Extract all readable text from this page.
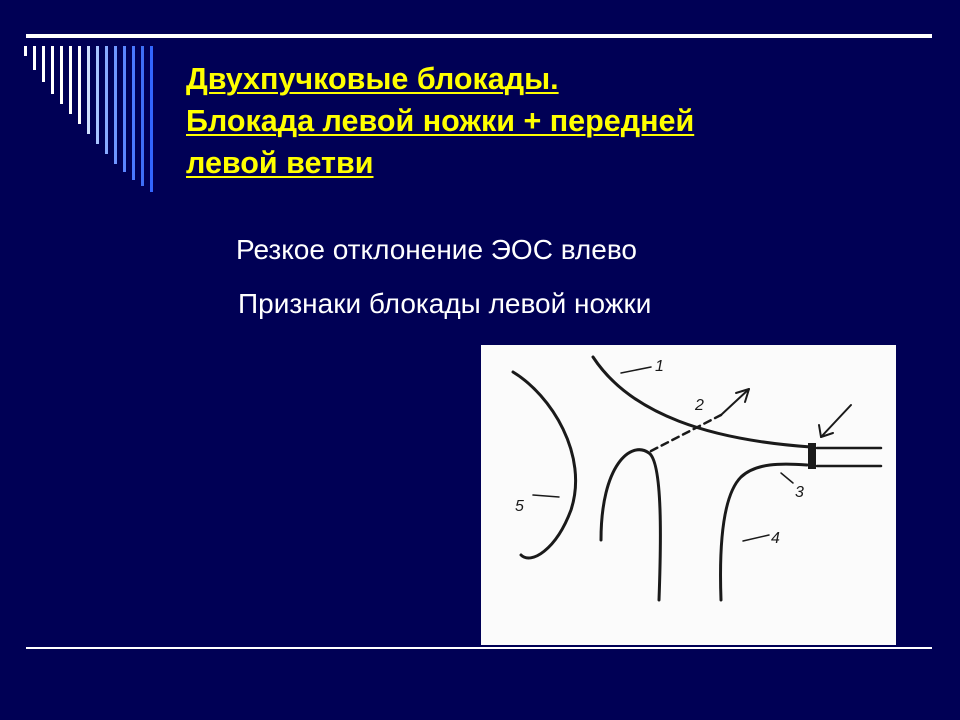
Двухпучковые блокады.
Блокада левой ножки + передней
левой ветви
Резкое отклонение ЭОС влево
Признаки блокады левой ножки
1
2
3
4
5
